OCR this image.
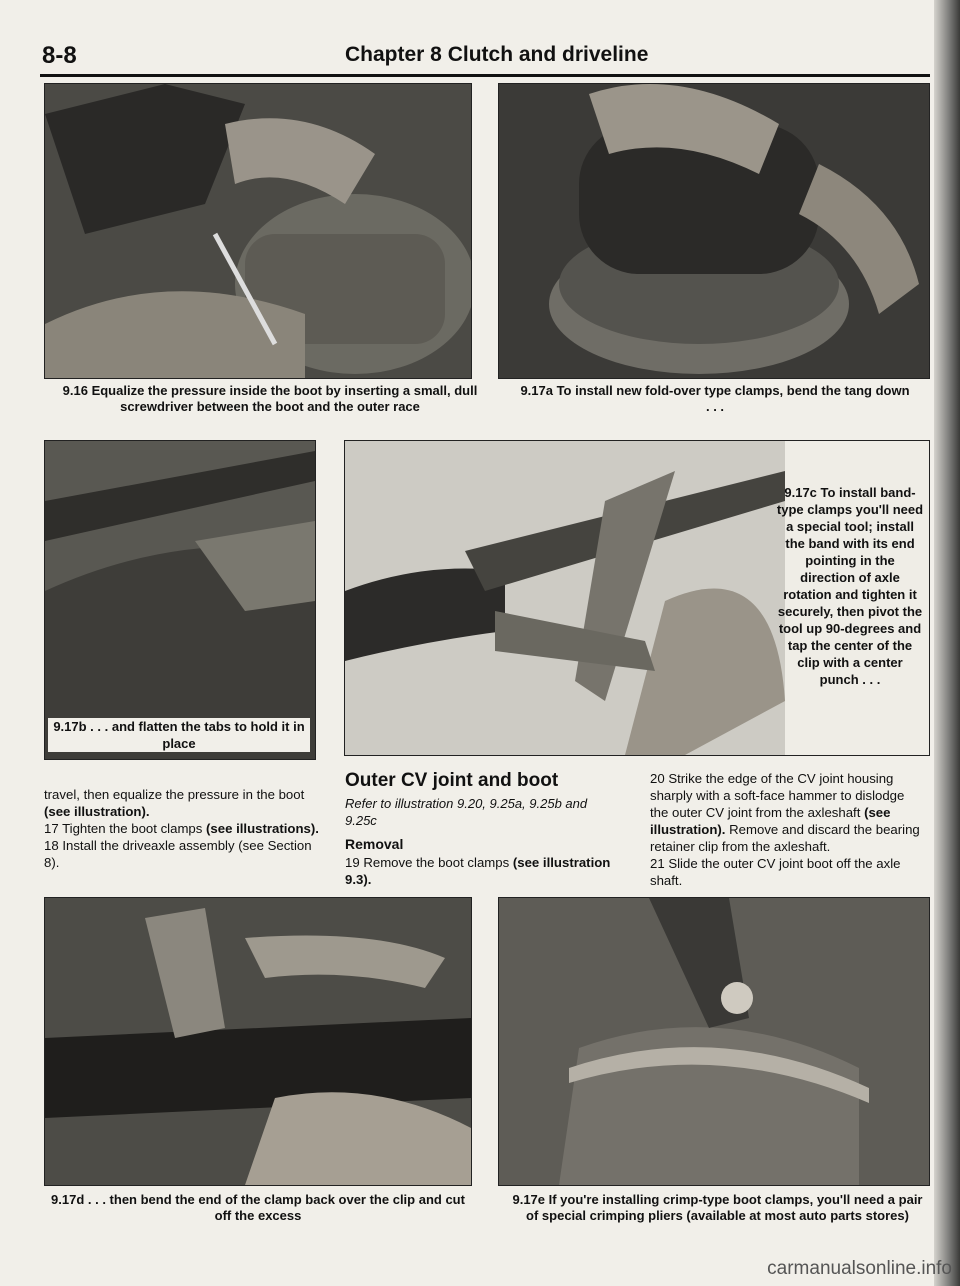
8-8	Chapter 8 Clutch and driveline
9.16 Equalize the pressure inside the boot by inserting a small, dull screwdriver between the boot and the outer race
9.17a To install new fold-over type clamps, bend the tang down . . .
9.17b . . . and flatten the tabs to hold it in place
9.17c To install band-type clamps you'll need a special tool; install the band with its end pointing in the direction of axle rotation and tighten it securely, then pivot the tool up 90-degrees and tap the center of the clip with a center punch . . .
travel, then equalize the pressure in the boot
(see illustration).
17 Tighten the boot clamps (see illustrations).
18 Install the driveaxle assembly (see Section 8).
Outer CV joint and boot
Refer to illustration 9.20, 9.25a, 9.25b and 9.25c
Removal
19 Remove the boot clamps (see illustration 9.3).
20 Strike the edge of the CV joint housing sharply with a soft-face hammer to dislodge the outer CV joint from the axleshaft (see illustration). Remove and discard the bearing retainer clip from the axleshaft.
21 Slide the outer CV joint boot off the axle shaft.
9.17d . . . then bend the end of the clamp back over the clip and cut off the excess
9.17e If you're installing crimp-type boot clamps, you'll need a pair of special crimping pliers (available at most auto parts stores)
carmanualsonline.info
